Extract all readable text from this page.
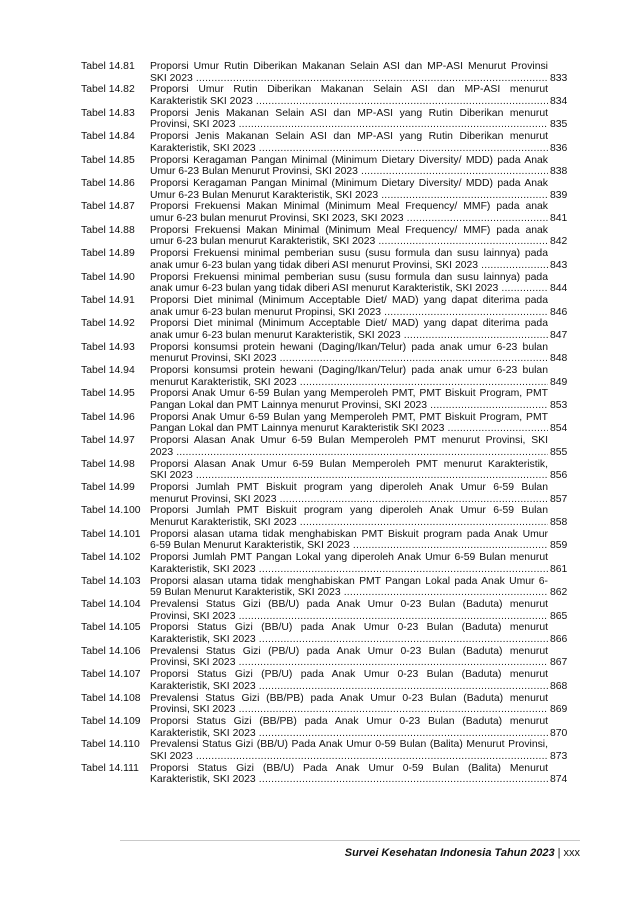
Tabel 14.81 Proporsi Umur Rutin Diberikan Makanan Selain ASI dan MP-ASI Menurut Provinsi
SKI 2023 .....	833
Tabel 14.82 Proporsi Umur Rutin Diberikan Makanan Selain ASI dan MP-ASI menurut
Karakteristik SKI 2023 .....	834
Tabel 14.83 Proporsi Jenis Makanan Selain ASI dan MP-ASI yang Rutin Diberikan menurut
Provinsi, SKI 2023 .....	835
Tabel 14.84 Proporsi Jenis Makanan Selain ASI dan MP-ASI yang Rutin Diberikan menurut
Karakteristik, SKI 2023 .....	836
Tabel 14.85 Proporsi Keragaman Pangan Minimal (Minimum Dietary Diversity/ MDD) pada Anak
Umur 6-23 Bulan Menurut Provinsi, SKI 2023 .....	838
Tabel 14.86 Proporsi Keragaman Pangan Minimal (Minimum Dietary Diversity/ MDD) pada Anak
Umur 6-23 Bulan Menurut Karakteristik, SKI 2023 .....	839
Tabel 14.87 Proporsi Frekuensi Makan Minimal (Minimum Meal Frequency/ MMF) pada anak
umur 6-23 bulan menurut Provinsi, SKI 2023, SKI 2023 .....	841
Tabel 14.88 Proporsi Frekuensi Makan Minimal (Minimum Meal Frequency/ MMF) pada anak
umur 6-23 bulan menurut Karakteristik, SKI 2023 .....	842
Tabel 14.89 Proporsi Frekuensi minimal pemberian susu (susu formula dan susu lainnya) pada
anak umur 6-23 bulan yang tidak diberi ASI menurut Provinsi, SKI 2023 .....	843
Tabel 14.90 Proporsi Frekuensi minimal pemberian susu (susu formula dan susu lainnya) pada
anak umur 6-23 bulan yang tidak diberi ASI menurut Karakteristik, SKI 2023 .....	844
Tabel 14.91 Proporsi Diet minimal (Minimum Acceptable Diet/ MAD) yang dapat diterima pada
anak umur 6-23 bulan menurut Propinsi, SKI 2023 .....	846
Tabel 14.92 Proporsi Diet minimal (Minimum Acceptable Diet/ MAD) yang dapat diterima pada
anak umur 6-23 bulan menurut Karakteristik, SKI 2023 .....	847
Tabel 14.93 Proporsi konsumsi protein hewani (Daging/Ikan/Telur) pada anak umur 6-23 bulan
menurut Provinsi, SKI 2023 .....	848
Tabel 14.94 Proporsi konsumsi protein hewani (Daging/Ikan/Telur) pada anak umur 6-23 bulan
menurut Karakteristik, SKI 2023 .....	849
Tabel 14.95 Proporsi Anak Umur 6-59 Bulan yang Memperoleh PMT, PMT Biskuit Program, PMT
Pangan Lokal dan PMT Lainnya menurut Provinsi, SKI 2023 .....	853
Tabel 14.96 Proporsi Anak Umur 6-59 Bulan yang Memperoleh PMT, PMT Biskuit Program, PMT
Pangan Lokal dan PMT Lainnya menurut Karakteristik SKI 2023 .....	854
Tabel 14.97 Proporsi Alasan Anak Umur 6-59 Bulan Memperoleh PMT menurut Provinsi, SKI
2023 .....	855
Tabel 14.98 Proporsi Alasan Anak Umur 6-59 Bulan Memperoleh PMT menurut Karakteristik,
SKI 2023 .....	856
Tabel 14.99 Proporsi Jumlah PMT Biskuit program yang diperoleh Anak Umur 6-59 Bulan
menurut Provinsi, SKI 2023 .....	857
Tabel 14.100 Proporsi Jumlah PMT Biskuit program yang diperoleh Anak Umur 6-59 Bulan
Menurut Karakteristik, SKI 2023 .....	858
Tabel 14.101 Proporsi alasan utama tidak menghabiskan PMT Biskuit program pada Anak Umur
6-59 Bulan Menurut Karakteristik, SKI 2023 .....	859
Tabel 14.102 Proporsi Jumlah PMT Pangan Lokal yang diperoleh Anak Umur 6-59 Bulan menurut
Karakteristik, SKI 2023 .....	861
Tabel 14.103 Proporsi alasan utama tidak menghabiskan PMT Pangan Lokal pada Anak Umur 6-
59 Bulan Menurut Karakteristik, SKI 2023 .....	862
Tabel 14.104 Prevalensi Status Gizi (BB/U) pada Anak Umur 0-23 Bulan (Baduta) menurut
Provinsi, SKI 2023 .....	865
Tabel 14.105 Proporsi Status Gizi (BB/U) pada Anak Umur 0-23 Bulan (Baduta) menurut
Karakteristik, SKI 2023 .....	866
Tabel 14.106 Prevalensi Status Gizi (PB/U) pada Anak Umur 0-23 Bulan (Baduta) menurut
Provinsi, SKI 2023 .....	867
Tabel 14.107 Proporsi Status Gizi (PB/U) pada Anak Umur 0-23 Bulan (Baduta) menurut
Karakteristik, SKI 2023 .....	868
Tabel 14.108 Prevalensi Status Gizi (BB/PB) pada Anak Umur 0-23 Bulan (Baduta) menurut
Provinsi, SKI 2023 .....	869
Tabel 14.109 Proporsi Status Gizi (BB/PB) pada Anak Umur 0-23 Bulan (Baduta) menurut
Karakteristik, SKI 2023 .....	870
Tabel 14.110 Prevalensi Status Gizi (BB/U) Pada Anak Umur 0-59 Bulan (Balita) Menurut Provinsi,
SKI 2023 .....	873
Tabel 14.111 Proporsi Status Gizi (BB/U) Pada Anak Umur 0-59 Bulan (Balita) Menurut
Karakteristik, SKI 2023 .....	874
Survei Kesehatan Indonesia Tahun 2023 | xxx
